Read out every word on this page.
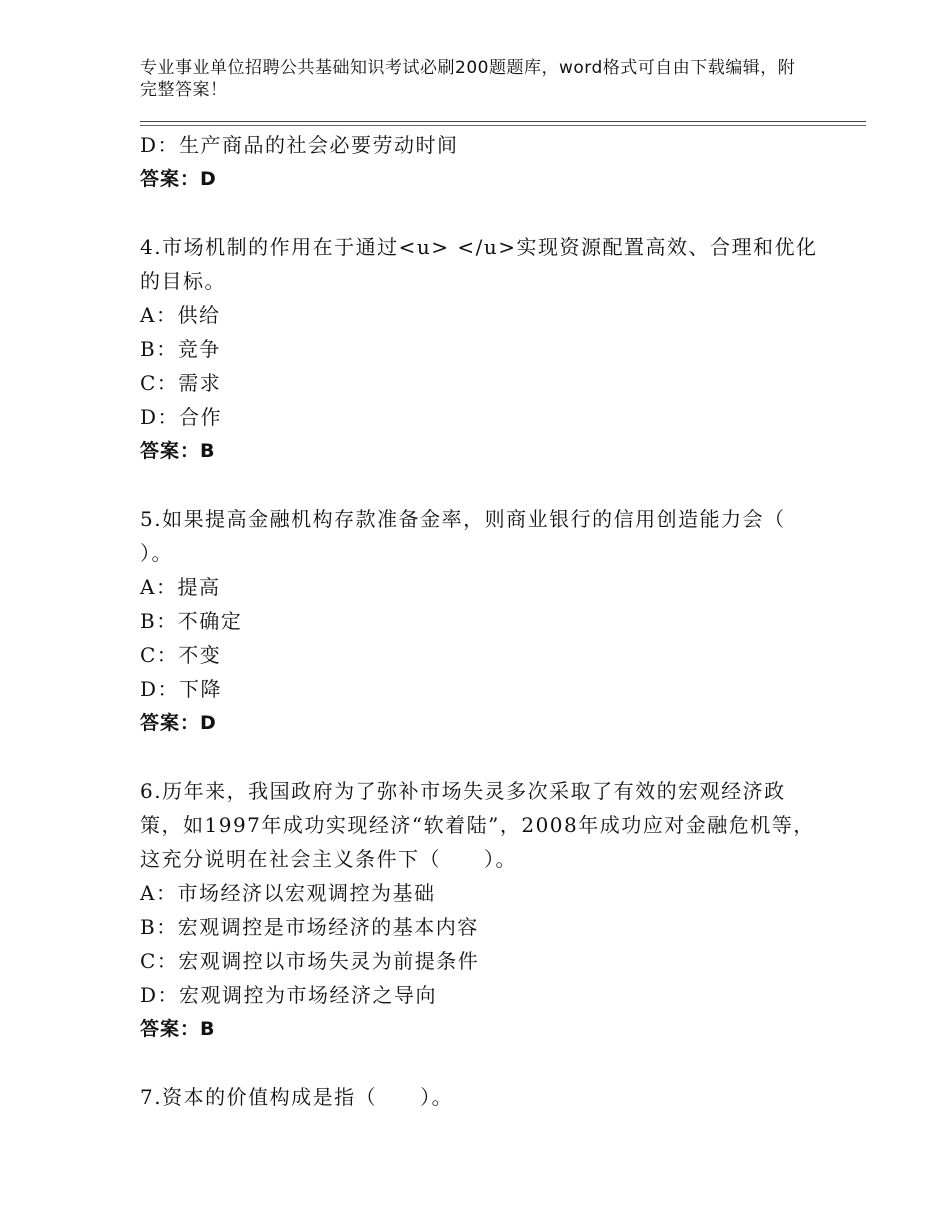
专业事业单位招聘公共基础知识考试必刷200题题库，word格式可自由下载编辑，附完整答案！
D：生产商品的社会必要劳动时间
答案：D
4.市场机制的作用在于通过<u> </u>实现资源配置高效、合理和优化的目标。
A：供给
B：竞争
C：需求
D：合作
答案：B
5.如果提高金融机构存款准备金率，则商业银行的信用创造能力会（ ）。
A：提高
B：不确定
C：不变
D：下降
答案：D
6.历年来，我国政府为了弥补市场失灵多次采取了有效的宏观经济政策，如1997年成功实现经济“软着陆”，2008年成功应对金融危机等，这充分说明在社会主义条件下（　　）。
A：市场经济以宏观调控为基础
B：宏观调控是市场经济的基本内容
C：宏观调控以市场失灵为前提条件
D：宏观调控为市场经济之导向
答案：B
7.资本的价值构成是指（　　）。
